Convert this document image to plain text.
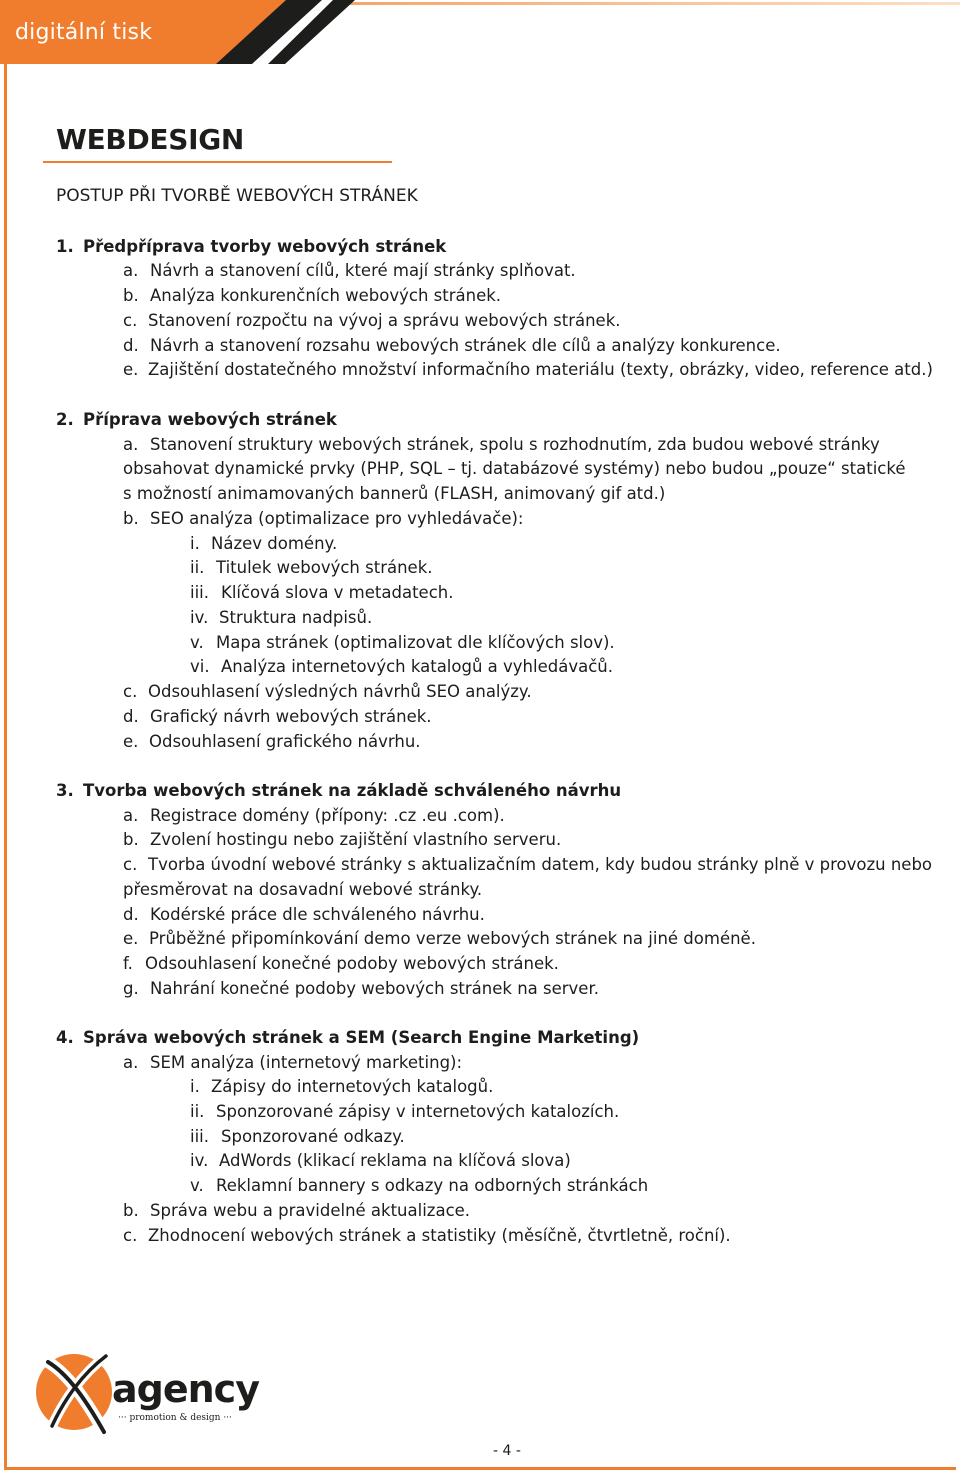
digitální tisk
WEBDESIGN
POSTUP PŘI TVORBĚ WEBOVÝCH STRÁNEK
1. Předpříprava tvorby webových stránek
a. Návrh a stanovení cílů, které mají stránky splňovat.
b. Analýza konkurenčních webových stránek.
c. Stanovení rozpočtu na vývoj a správu webových stránek.
d. Návrh a stanovení rozsahu webových stránek dle cílů a analýzy konkurence.
e. Zajištění dostatečného množství informačního materiálu (texty, obrázky, video, reference atd.)
2. Příprava webových stránek
a. Stanovení struktury webových stránek, spolu s rozhodnutím, zda budou webové stránky
obsahovat dynamické prvky (PHP, SQL – tj. databázové systémy) nebo budou „pouze“ statické
s možností animamovaných bannerů (FLASH, animovaný gif atd.)
b. SEO analýza (optimalizace pro vyhledávače):
i. Název domény.
ii. Titulek webových stránek.
iii. Klíčová slova v metadatech.
iv. Struktura nadpisů.
v. Mapa stránek (optimalizovat dle klíčových slov).
vi. Analýza internetových katalogů a vyhledávačů.
c. Odsouhlasení výsledných návrhů SEO analýzy.
d. Grafický návrh webových stránek.
e. Odsouhlasení grafického návrhu.
3. Tvorba webových stránek na základě schváleného návrhu
a. Registrace domény (přípony: .cz .eu .com).
b. Zvolení hostingu nebo zajištění vlastního serveru.
c. Tvorba úvodní webové stránky s aktualizačním datem, kdy budou stránky plně v provozu nebo
přesměrovat na dosavadní webové stránky.
d. Kodérské práce dle schváleného návrhu.
e. Průběžné připomínkování demo verze webových stránek na jiné doméně.
f. Odsouhlasení konečné podoby webových stránek.
g. Nahrání konečné podoby webových stránek na server.
4. Správa webových stránek a SEM (Search Engine Marketing)
a. SEM analýza (internetový marketing):
i. Zápisy do internetových katalogů.
ii. Sponzorované zápisy v internetových katalozích.
iii. Sponzorované odkazy.
iv. AdWords (klikací reklama na klíčová slova)
v. Reklamní bannery s odkazy na odborných stránkách
b. Správa webu a pravidelné aktualizace.
c. Zhodnocení webových stránek a statistiky (měsíčně, čtvrtletně, roční).
agency
··· promotion & design ···
- 4 -
